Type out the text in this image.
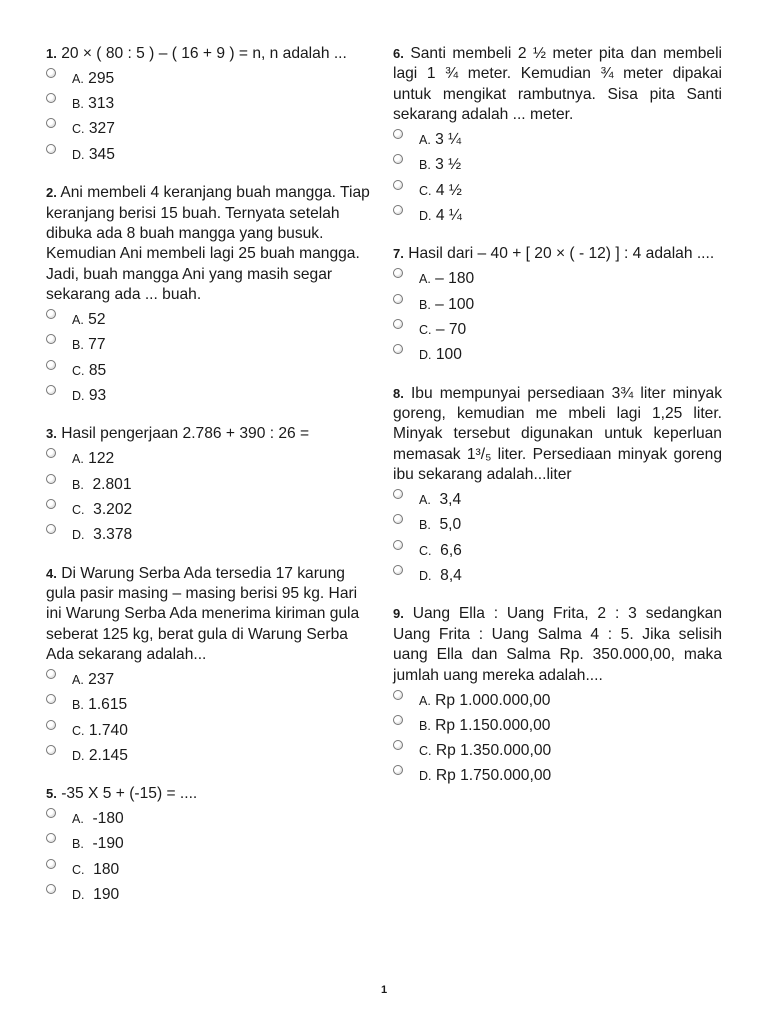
1. 20 × ( 80 : 5 ) – ( 16 + 9 ) = n, n adalah ...
A. 295
B. 313
C. 327
D. 345
2. Ani membeli 4 keranjang buah mangga. Tiap keranjang berisi 15 buah. Ternyata setelah dibuka ada 8 buah mangga yang busuk. Kemudian Ani membeli lagi 25 buah mangga. Jadi, buah mangga Ani yang masih segar sekarang ada ... buah.
A. 52
B. 77
C. 85
D. 93
3. Hasil pengerjaan 2.786 + 390 : 26 =
A. 122
B.  2.801
C.  3.202
D.  3.378
4. Di Warung Serba Ada tersedia 17 karung gula pasir masing – masing berisi 95 kg. Hari ini Warung Serba Ada menerima kiriman gula seberat 125 kg, berat gula di Warung Serba Ada sekarang adalah...
A. 237
B. 1.615
C. 1.740
D. 2.145
5. -35 X 5 + (-15) = ....
A.  -180
B.  -190
C.  180
D.  190
6. Santi membeli 2 ½ meter pita dan membeli lagi 1 ¾ meter. Kemudian ¾ meter dipakai untuk mengikat rambutnya. Sisa pita Santi sekarang adalah ... meter.
A. 3 ¼
B. 3 ½
C. 4 ½
D. 4 ¼
7. Hasil dari – 40 + [ 20 × ( - 12) ] : 4 adalah ....
A. – 180
B. – 100
C. – 70
D. 100
8. Ibu mempunyai persediaan 3¾ liter minyak goreng, kemudian me mbeli lagi 1,25 liter. Minyak tersebut digunakan untuk keperluan memasak 1³/₅ liter. Persediaan minyak goreng ibu sekarang adalah...liter
A.  3,4
B.  5,0
C.  6,6
D.  8,4
9. Uang Ella : Uang Frita, 2 : 3 sedangkan Uang Frita : Uang Salma 4 : 5. Jika selisih uang Ella dan Salma Rp. 350.000,00, maka jumlah uang mereka adalah....
A. Rp 1.000.000,00
B. Rp 1.150.000,00
C. Rp 1.350.000,00
D. Rp 1.750.000,00
1
